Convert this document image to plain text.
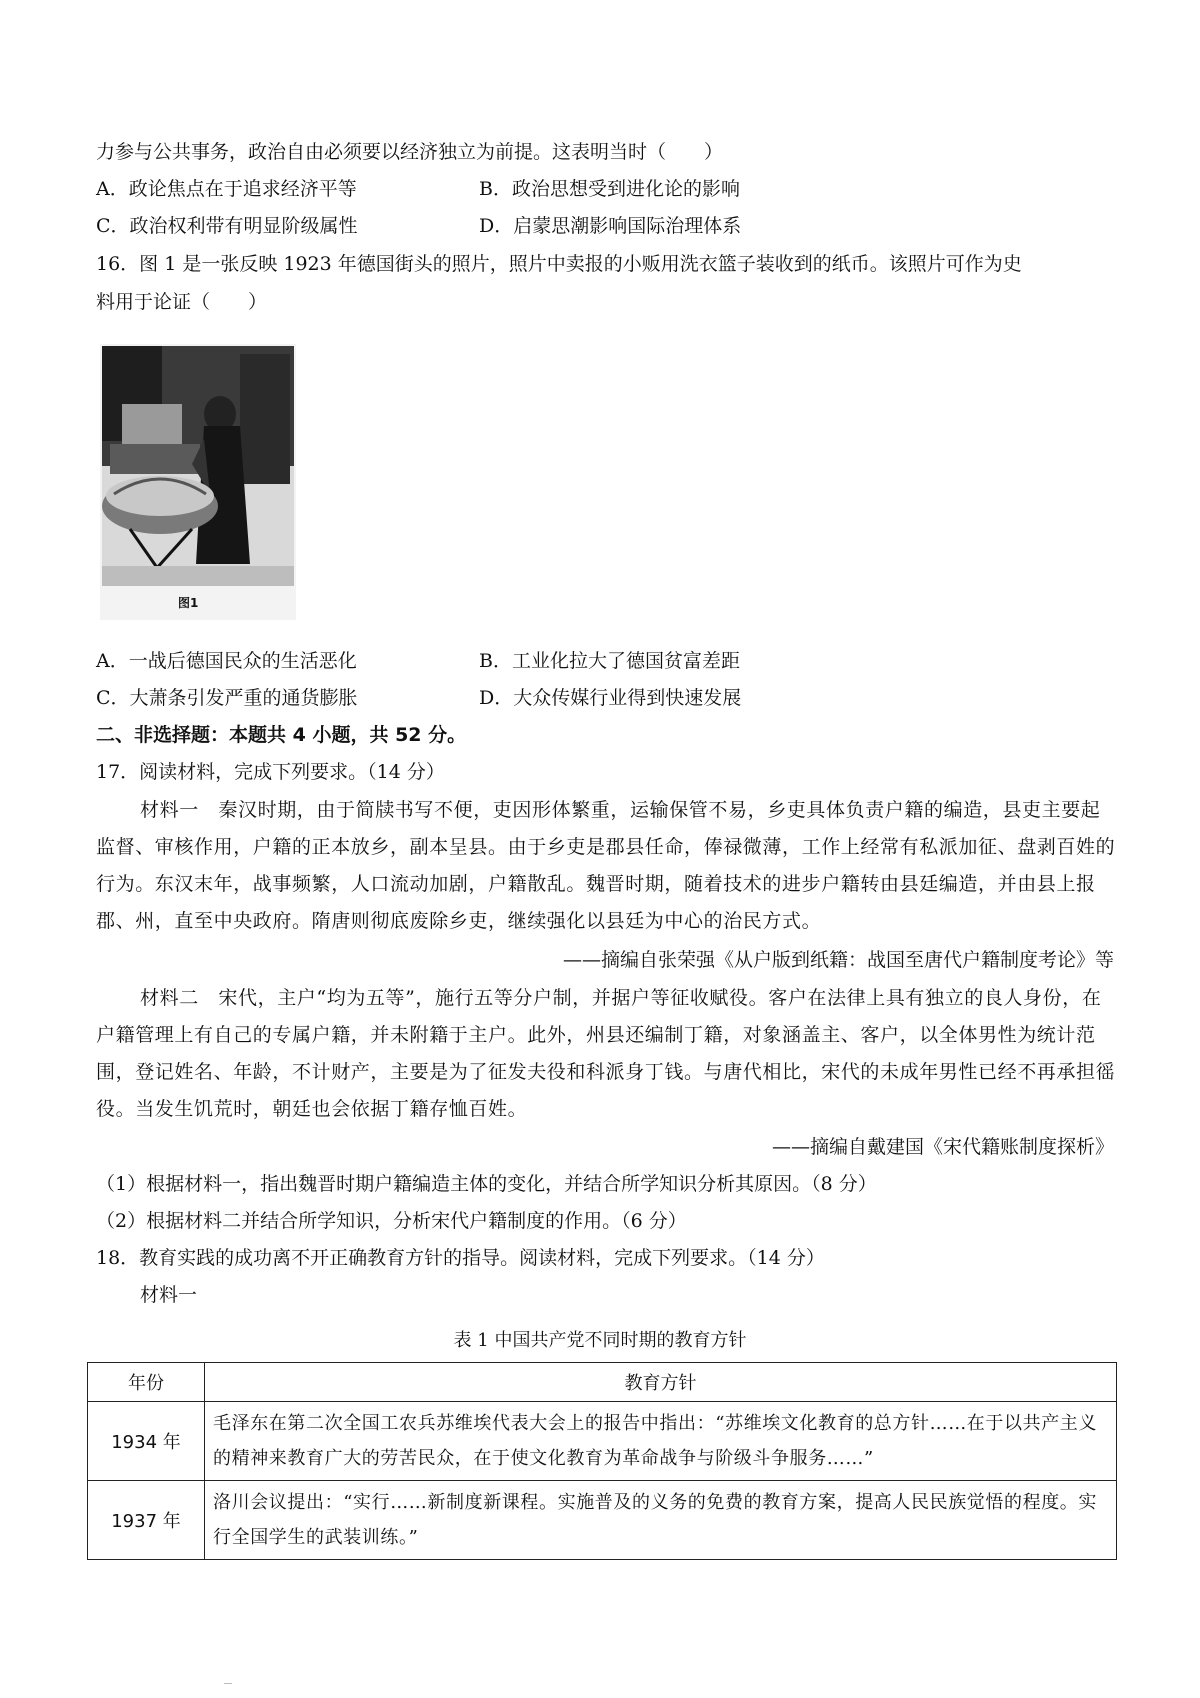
力参与公共事务，政治自由必须要以经济独立为前提。这表明当时（　　）
A．政论焦点在于追求经济平等	B．政治思想受到进化论的影响
C．政治权利带有明显阶级属性	D．启蒙思潮影响国际治理体系
16．图 1 是一张反映 1923 年德国街头的照片，照片中卖报的小贩用洗衣篮子装收到的纸币。该照片可作为史
料用于论证（　　）
图1
A．一战后德国民众的生活恶化	B．工业化拉大了德国贫富差距
C．大萧条引发严重的通货膨胀	D．大众传媒行业得到快速发展
二、非选择题：本题共 4 小题，共 52 分。
17．阅读材料，完成下列要求。（14 分）

材料一　秦汉时期，由于简牍书写不便，吏因形体繁重，运输保管不易，乡吏具体负责户籍的编造，县吏主要起监督、审核作用，户籍的正本放乡，副本呈县。由于乡吏是郡县任命，俸禄微薄，工作上经常有私派加征、盘剥百姓的行为。东汉末年，战事频繁，人口流动加剧，户籍散乱。魏晋时期，随着技术的进步户籍转由县廷编造，并由县上报郡、州，直至中央政府。隋唐则彻底废除乡吏，继续强化以县廷为中心的治民方式。

——摘编自张荣强《从户版到纸籍：战国至唐代户籍制度考论》等

材料二　宋代，主户“均为五等”，施行五等分户制，并据户等征收赋役。客户在法律上具有独立的良人身份，在户籍管理上有自己的专属户籍，并未附籍于主户。此外，州县还编制丁籍，对象涵盖主、客户，以全体男性为统计范围，登记姓名、年龄，不计财产，主要是为了征发夫役和科派身丁钱。与唐代相比，宋代的未成年男性已经不再承担徭役。当发生饥荒时，朝廷也会依据丁籍存恤百姓。

——摘编自戴建国《宋代籍账制度探析》
（1）根据材料一，指出魏晋时期户籍编造主体的变化，并结合所学知识分析其原因。（8 分）
（2）根据材料二并结合所学知识，分析宋代户籍制度的作用。（6 分）
18．教育实践的成功离不开正确教育方针的指导。阅读材料，完成下列要求。（14 分）
材料一
表 1 中国共产党不同时期的教育方针
年份	教育方针
1934 年	毛泽东在第二次全国工农兵苏维埃代表大会上的报告中指出：“苏维埃文化教育的总方针……在于以共产主义的精神来教育广大的劳苦民众，在于使文化教育为革命战争与阶级斗争服务……”
1937 年	洛川会议提出：“实行……新制度新课程。实施普及的义务的免费的教育方案，提高人民民族觉悟的程度。实行全国学生的武装训练。”
